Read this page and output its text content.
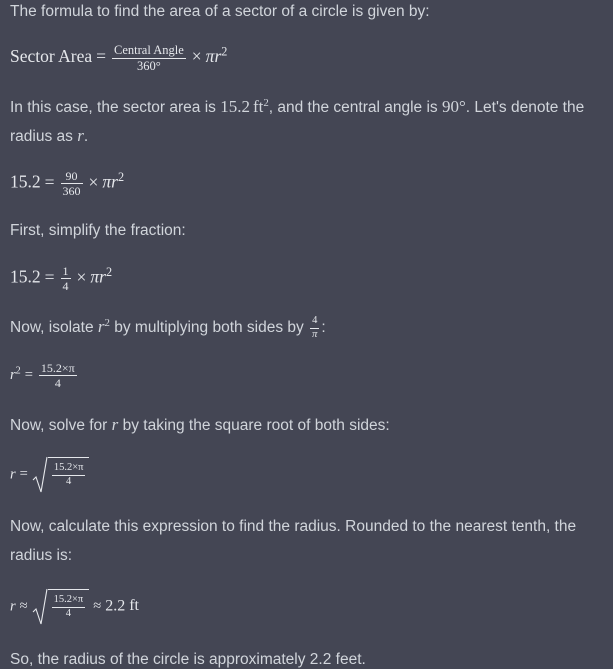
The formula to find the area of a sector of a circle is given by:
Sector Area = $\frac{\text{Central Angle}}{360^\circ} \times \pi r^2$
In this case, the sector area is 15.2 $ft^2$, and the central angle is 90°. Let's denote the
radius as r.
$15.2 = \frac{90}{360} \times \pi r^2$
First, simplify the fraction:
$15.2 = \frac{1}{4} \times \pi r^2$
Now, isolate $r^2$ by multiplying both sides by $\frac{4}{\pi}$ :
$r^2 = \frac{15.2\times\pi}{4}$
Now, solve for r by taking the square root of both sides:
$r = \frac{15.2\times\pi}{4}$
Now, calculate this expression to find the radius. Rounded to the nearest tenth, the
radius is:
$r \approx \frac{15.2\times\pi}{4} \approx 2.2$ ft
So, the radius of the circle is approximately 2.2 feet.
